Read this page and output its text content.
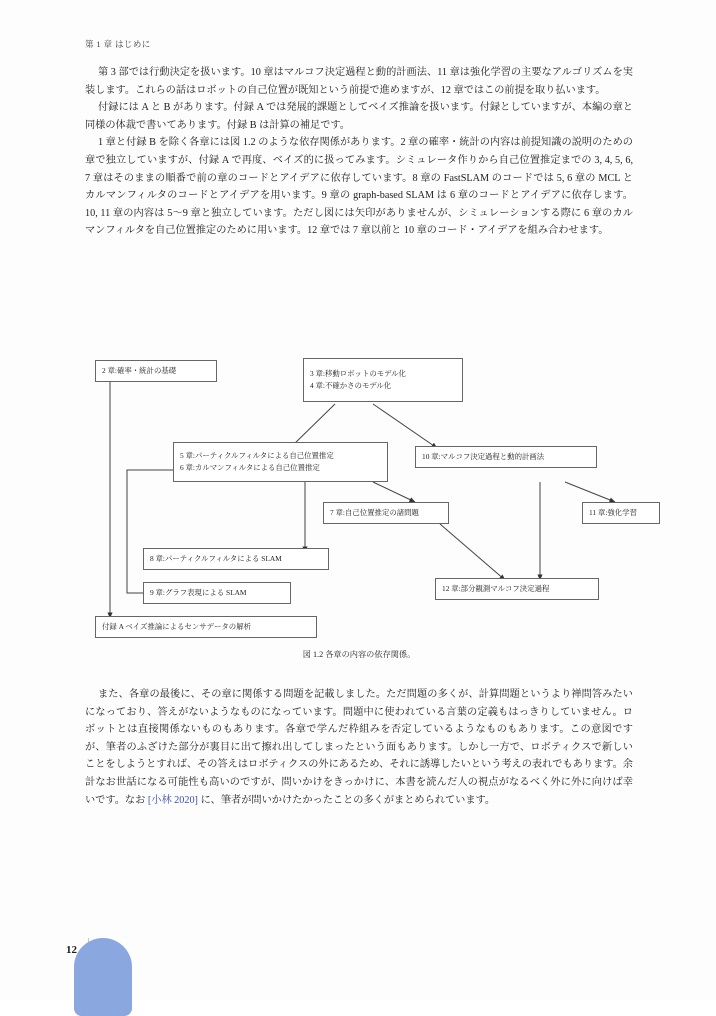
第 1 章 はじめに

第 3 部では行動決定を扱います。10 章はマルコフ決定過程と動的計画法、11 章は強化学習の主要なアルゴリズムを実装します。これらの話はロボットの自己位置が既知という前提で進めますが、12 章ではこの前提を取り払います。

付録には A と B があります。付録 A では発展的課題としてベイズ推論を扱います。付録としていますが、本編の章と同様の体裁で書いてあります。付録 B は計算の補足です。

1 章と付録 B を除く各章には図 1.2 のような依存関係があります。2 章の確率・統計の内容は前提知識の説明のための章で独立していますが、付録 A で再度、ベイズ的に扱ってみます。シミュレータ作りから自己位置推定までの 3, 4, 5, 6, 7 章はそのままの順番で前の章のコードとアイデアに依存しています。8 章の FastSLAM のコードでは 5, 6 章の MCL とカルマンフィルタのコードとアイデアを用います。9 章の graph-based SLAM は 6 章のコードとアイデアに依存します。10, 11 章の内容は 5〜9 章と独立しています。ただし図には矢印がありませんが、シミュレーションする際に 6 章のカルマンフィルタを自己位置推定のために用います。12 章では 7 章以前と 10 章のコード・アイデアを組み合わせます。

2 章:確率・統計の基礎	3 章:移動ロボットのモデル化
4 章:不確かさのモデル化
5 章:パーティクルフィルタによる自己位置推定
6 章:カルマンフィルタによる自己位置推定
10 章:マルコフ決定過程と動的計画法
7 章:自己位置推定の諸問題	11 章:強化学習
8 章:パーティクルフィルタによる SLAM
12 章:部分観測マルコフ決定過程
9 章:グラフ表現による SLAM
付録 A ベイズ推論によるセンサデータの解析
図 1.2 各章の内容の依存関係。

また、各章の最後に、その章に関係する問題を記載しました。ただ問題の多くが、計算問題というより禅問答みたいになっており、答えがないようなものになっています。問題中に使われている言葉の定義もはっきりしていません。ロボットとは直接関係ないものもあります。各章で学んだ枠組みを否定しているようなものもあります。この意図ですが、筆者のふざけた部分が裏目に出て擦れ出してしまったという面もあります。しかし一方で、ロボティクスで新しいことをしようとすれば、その答えはロボティクスの外にあるため、それに誘導したいという考えの表れでもあります。余計なお世話になる可能性も高いのですが、問いかけをきっかけに、本書を読んだ人の視点がなるべく外に外に向けば幸いです。なお [小林 2020] に、筆者が問いかけたかったことの多くがまとめられています。

12
